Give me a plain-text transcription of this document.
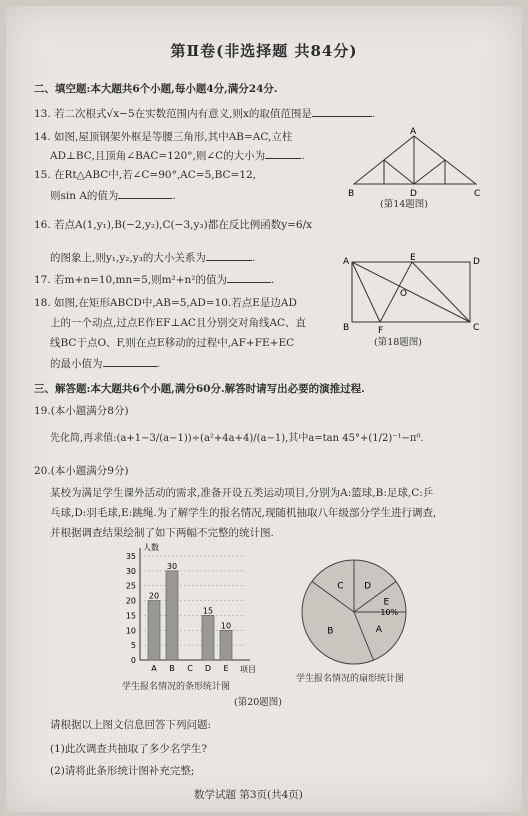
第Ⅱ卷(非选择题 共84分)
二、填空题:本大题共6个小题,每小题4分,满分24分.
13. 若二次根式√x−5在实数范围内有意义,则x的取值范围是	.
14. 如图,屋顶钢架外框是等腰三角形,其中AB=AC,立柱
AD⊥BC,且顶角∠BAC=120°,则∠C的大小为	.
15. 在Rt△ABC中,若∠C=90°,AC=5,BC=12,
则sin A的值为	.
A
B	D	C
(第14题图)
16. 若点A(1,y₁),B(−2,y₂),C(−3,y₃)都在反比例函数y=6/x
的图象上,则y₁,y₂,y₃的大小关系为	.
17. 若m+n=10,mn=5,则m²+n²的值为	.
18. 如图,在矩形ABCD中,AB=5,AD=10.若点E是边AD
上的一个动点,过点E作EF⊥AC且分别交对角线AC、直
线BC于点O、F,则在点E移动的过程中,AF+FE+EC
的最小值为	.
A	E	D
B	F	C
O
(第18题图)
三、解答题:本大题共6个小题,满分60分.解答时请写出必要的演推过程.
19.(本小题满分8分)
先化简,再求值:(a+1−3/(a−1))÷(a²+4a+4)/(a−1),其中a=tan 45°+(1/2)⁻¹−π⁰.
20.(本小题满分9分)
某校为满足学生课外活动的需求,准备开设五类运动项目,分别为A:篮球,B:足球,C:乒
乓球,D:羽毛球,E:跳绳.为了解学生的报名情况,现随机抽取八年级部分学生进行调查,
并根据调查结果绘制了如下两幅不完整的统计图.
人数
项目
0
5
10
15
20
25
30
35
A
20
B
30
C D
15
E
10
学生报名情况的条形统计图
(第20题图)
A
B
C D
E
10%
学生报名情况的扇形统计图
请根据以上图文信息回答下列问题:
(1)此次调查共抽取了多少名学生?
(2)请将此条形统计图补充完整;
数学试题 第3页(共4页)
